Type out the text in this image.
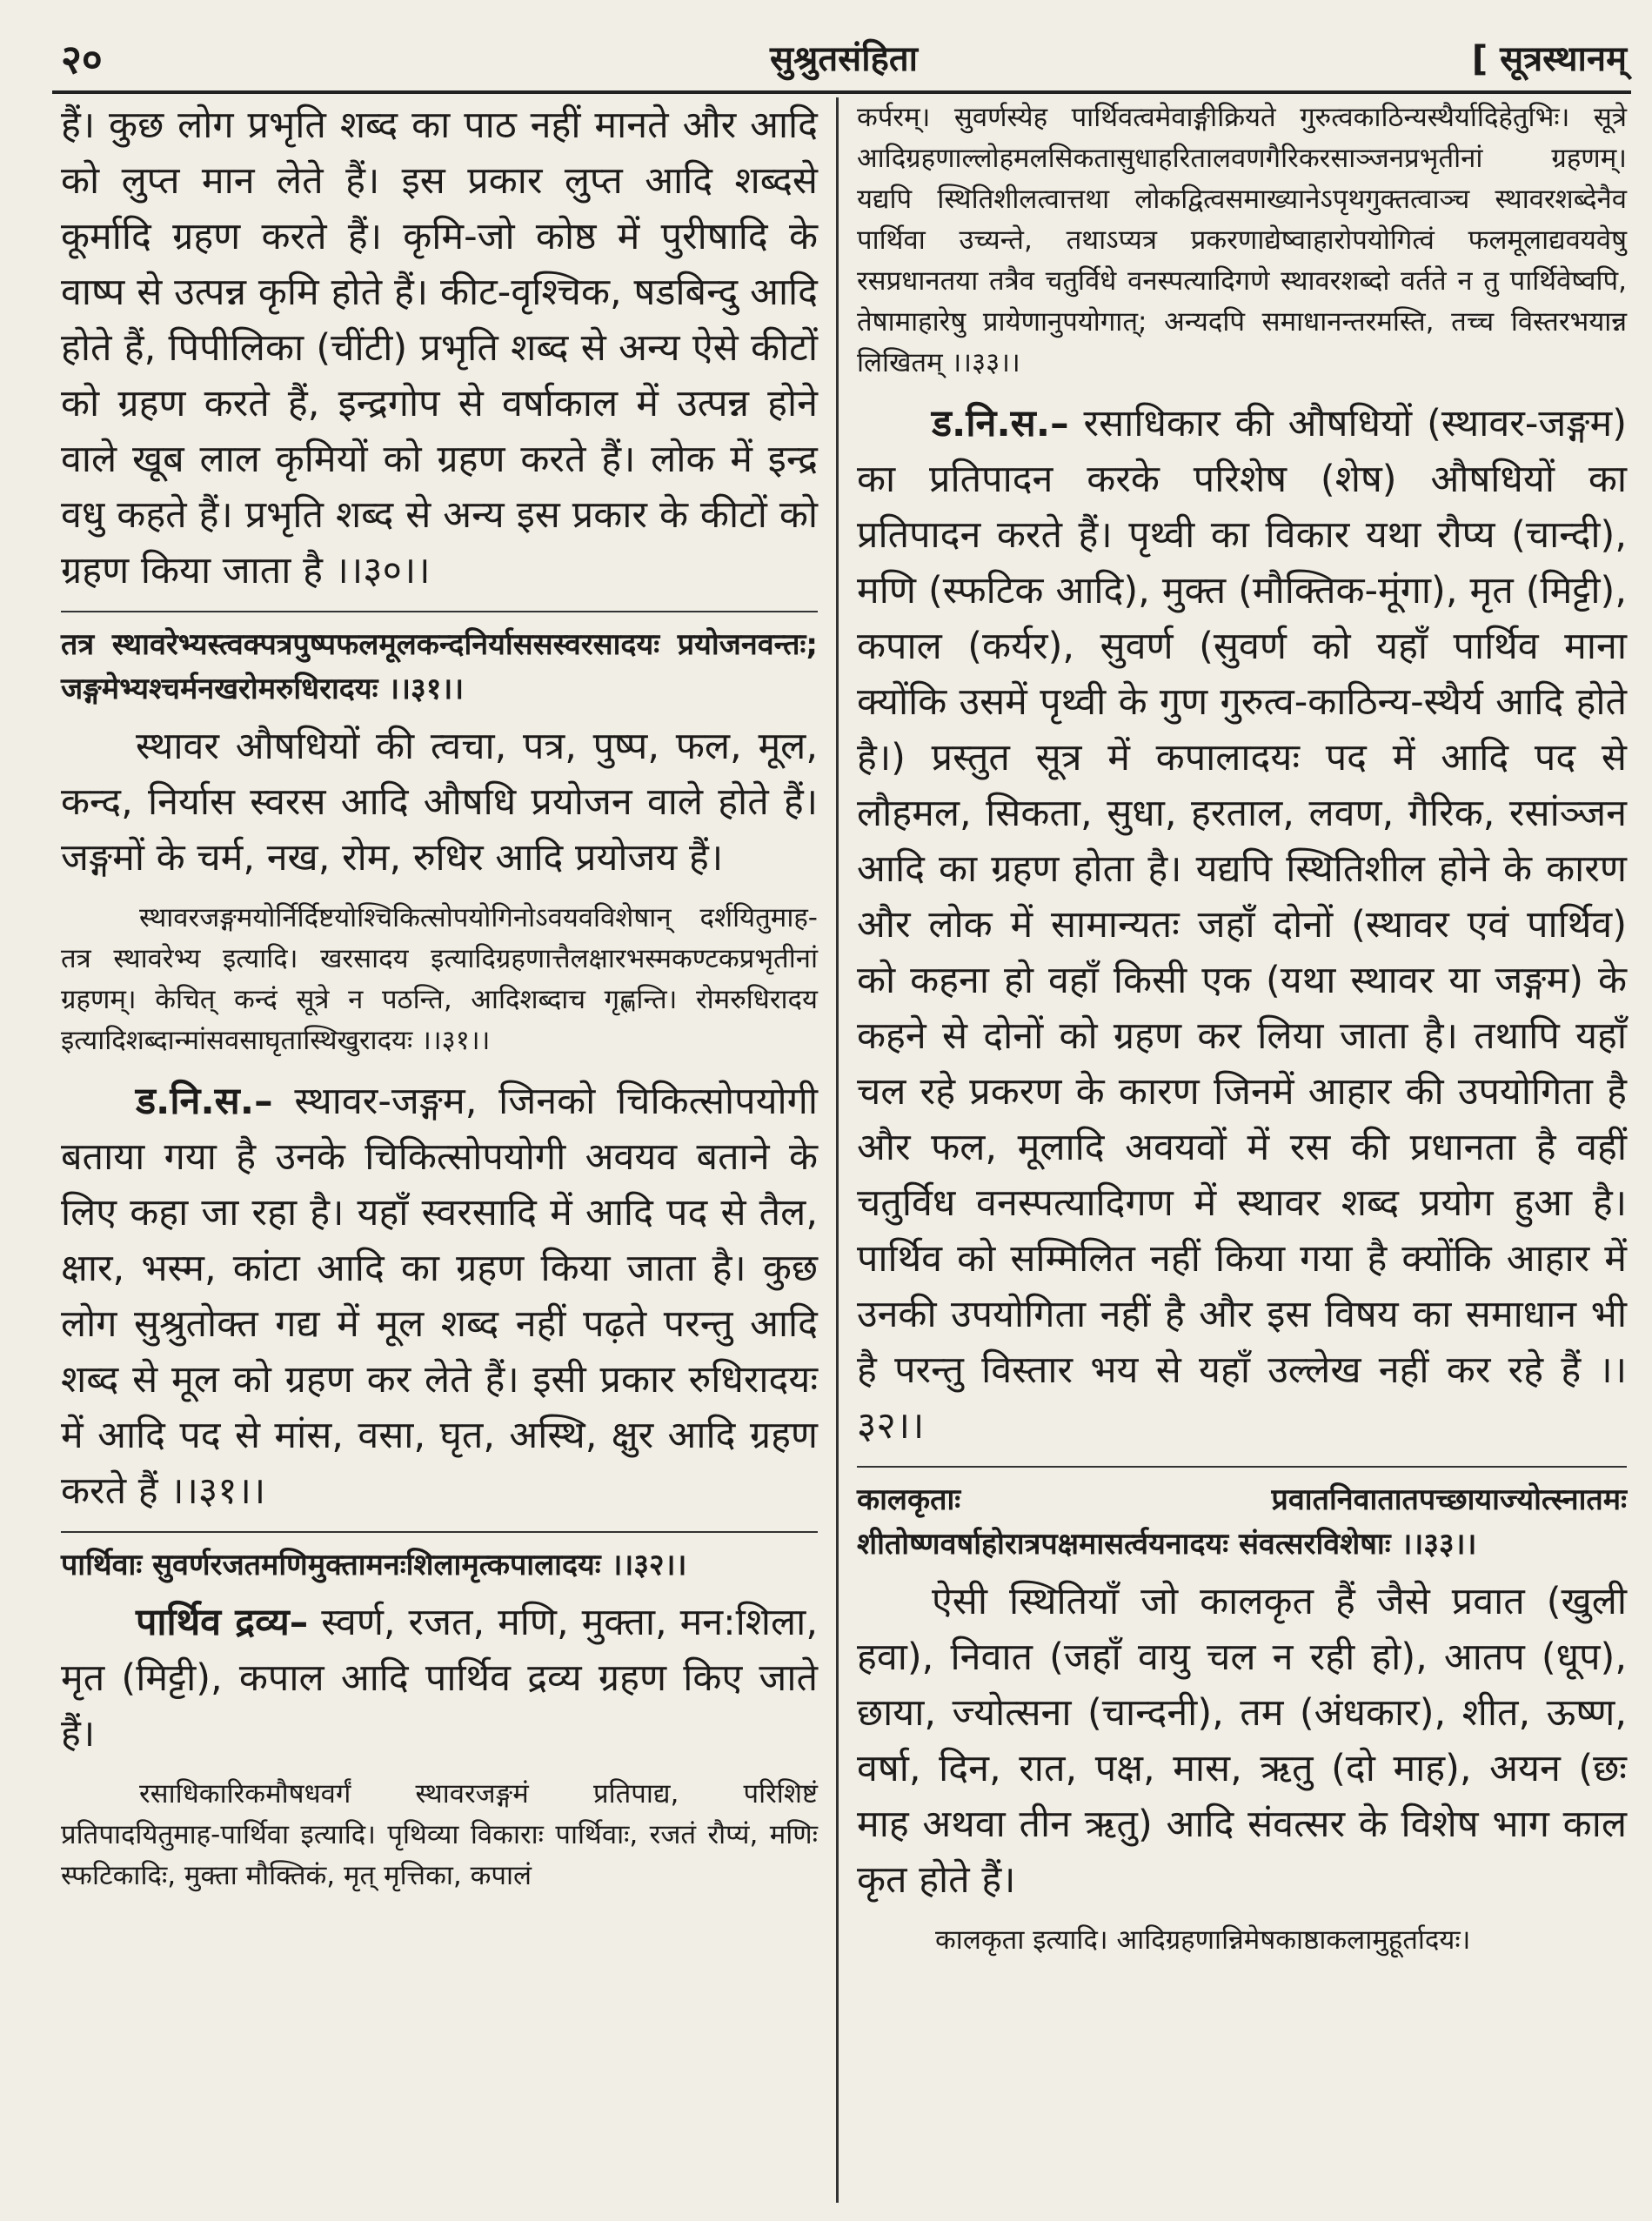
२०	सुश्रुतसंहिता	[ सूत्रस्थानम्

हैं। कुछ लोग प्रभृति शब्द का पाठ नहीं मानते और आदि को लुप्त मान लेते हैं। इस प्रकार लुप्त आदि शब्दसे कूर्मादि ग्रहण करते हैं। कृमि-जो कोष्ठ में पुरीषादि के वाष्प से उत्पन्न कृमि होते हैं। कीट-वृश्चिक, षडबिन्दु आदि होते हैं, पिपीलिका (चींटी) प्रभृति शब्द से अन्य ऐसे कीटों को ग्रहण करते हैं, इन्द्रगोप से वर्षाकाल में उत्पन्न होने वाले खूब लाल कृमियों को ग्रहण करते हैं। लोक में इन्द्र वधु कहते हैं। प्रभृति शब्द से अन्य इस प्रकार के कीटों को ग्रहण किया जाता है ।।३०।।

तत्र स्थावरेभ्यस्त्वक्पत्रपुष्पफलमूलकन्दनिर्याससस्वरसादयः प्रयोजनवन्तः; जङ्गमेभ्यश्चर्मनखरोमरुधिरादयः ।।३१।।

स्थावर औषधियों की त्वचा, पत्र, पुष्प, फल, मूल, कन्द, निर्यास स्वरस आदि औषधि प्रयोजन वाले होते हैं। जङ्गमों के चर्म, नख, रोम, रुधिर आदि प्रयोजय हैं।

स्थावरजङ्गमयोर्निर्दिष्टयोश्चिकित्सोपयोगिनोऽवयवविशेषान् दर्शयितुमाह-तत्र स्थावरेभ्य इत्यादि। खरसादय इत्यादिग्रहणात्तैलक्षारभस्मकण्टकप्रभृतीनां ग्रहणम्। केचित् कन्दं सूत्रे न पठन्ति, आदिशब्दाच गृह्णन्ति। रोमरुधिरादय इत्यादिशब्दान्मांसवसाघृतास्थिखुरादयः ।।३१।।

ड.नि.स.– स्थावर-जङ्गम, जिनको चिकित्सोपयोगी बताया गया है उनके चिकित्सोपयोगी अवयव बताने के लिए कहा जा रहा है। यहाँ स्वरसादि में आदि पद से तैल, क्षार, भस्म, कांटा आदि का ग्रहण किया जाता है। कुछ लोग सुश्रुतोक्त गद्य में मूल शब्द नहीं पढ़ते परन्तु आदि शब्द से मूल को ग्रहण कर लेते हैं। इसी प्रकार रुधिरादयः में आदि पद से मांस, वसा, घृत, अस्थि, क्षुर आदि ग्रहण करते हैं ।।३१।।

पार्थिवाः सुवर्णरजतमणिमुक्तामनःशिलामृत्कपालादयः ।।३२।।

पार्थिव द्रव्य– स्वर्ण, रजत, मणि, मुक्ता, मन:शिला, मृत (मिट्टी), कपाल आदि पार्थिव द्रव्य ग्रहण किए जाते हैं।

रसाधिकारिकमौषधवर्गं स्थावरजङ्गमं प्रतिपाद्य, परिशिष्टं प्रतिपादयितुमाह-पार्थिवा इत्यादि। पृथिव्या विकाराः पार्थिवाः, रजतं रौप्यं, मणिः स्फटिकादिः, मुक्ता मौक्तिकं, मृत् मृत्तिका, कपालं

कर्परम्। सुवर्णस्येह पार्थिवत्वमेवाङ्गीक्रियते गुरुत्वकाठिन्यस्थैर्यादिहेतुभिः। सूत्रे आदिग्रहणाल्लोहमलसिकतासुधाहरितालवणगैरिकरसाञ्जनप्रभृतीनां ग्रहणम्। यद्यपि स्थितिशीलत्वात्तथा लोकद्वित्वसमाख्यानेऽपृथगुक्तत्वाञ्च स्थावरशब्देनैव पार्थिवा उच्यन्ते, तथाऽप्यत्र प्रकरणाद्येष्वाहारोपयोगित्वं फलमूलाद्यवयवेषु रसप्रधानतया तत्रैव चतुर्विधे वनस्पत्यादिगणे स्थावरशब्दो वर्तते न तु पार्थिवेष्वपि, तेषामाहारेषु प्रायेणानुपयोगात्; अन्यदपि समाधानन्तरमस्ति, तच्च विस्तरभयान्न लिखितम् ।।३३।।

ड.नि.स.– रसाधिकार की औषधियों (स्थावर-जङ्गम) का प्रतिपादन करके परिशेष (शेष) औषधियों का प्रतिपादन करते हैं। पृथ्वी का विकार यथा रौप्य (चान्दी), मणि (स्फटिक आदि), मुक्त (मौक्तिक-मूंगा), मृत (मिट्टी), कपाल (कर्यर), सुवर्ण (सुवर्ण को यहाँ पार्थिव माना क्योंकि उसमें पृथ्वी के गुण गुरुत्व-काठिन्य-स्थैर्य आदि होते है।) प्रस्तुत सूत्र में कपालादयः पद में आदि पद से लौहमल, सिकता, सुधा, हरताल, लवण, गैरिक, रसांञ्जन आदि का ग्रहण होता है। यद्यपि स्थितिशील होने के कारण और लोक में सामान्यतः जहाँ दोनों (स्थावर एवं पार्थिव) को कहना हो वहाँ किसी एक (यथा स्थावर या जङ्गम) के कहने से दोनों को ग्रहण कर लिया जाता है। तथापि यहाँ चल रहे प्रकरण के कारण जिनमें आहार की उपयोगिता है और फल, मूलादि अवयवों में रस की प्रधानता है वहीं चतुर्विध वनस्पत्यादिगण में स्थावर शब्द प्रयोग हुआ है। पार्थिव को सम्मिलित नहीं किया गया है क्योंकि आहार में उनकी उपयोगिता नहीं है और इस विषय का समाधान भी है परन्तु विस्तार भय से यहाँ उल्लेख नहीं कर रहे हैं ।।३२।।

कालकृताः प्रवातनिवातातपच्छायाज्योत्स्नातमः शीतोष्णवर्षाहोरात्रपक्षमासर्त्वयनादयः संवत्सरविशेषाः ।।३३।।

ऐसी स्थितियाँ जो कालकृत हैं जैसे प्रवात (खुली हवा), निवात (जहाँ वायु चल न रही हो), आतप (धूप), छाया, ज्योत्सना (चान्दनी), तम (अंधकार), शीत, ऊष्ण, वर्षा, दिन, रात, पक्ष, मास, ऋतु (दो माह), अयन (छः माह अथवा तीन ऋतु) आदि संवत्सर के विशेष भाग काल कृत होते हैं।

कालकृता इत्यादि। आदिग्रहणान्निमेषकाष्ठाकलामुहूर्तादयः।
